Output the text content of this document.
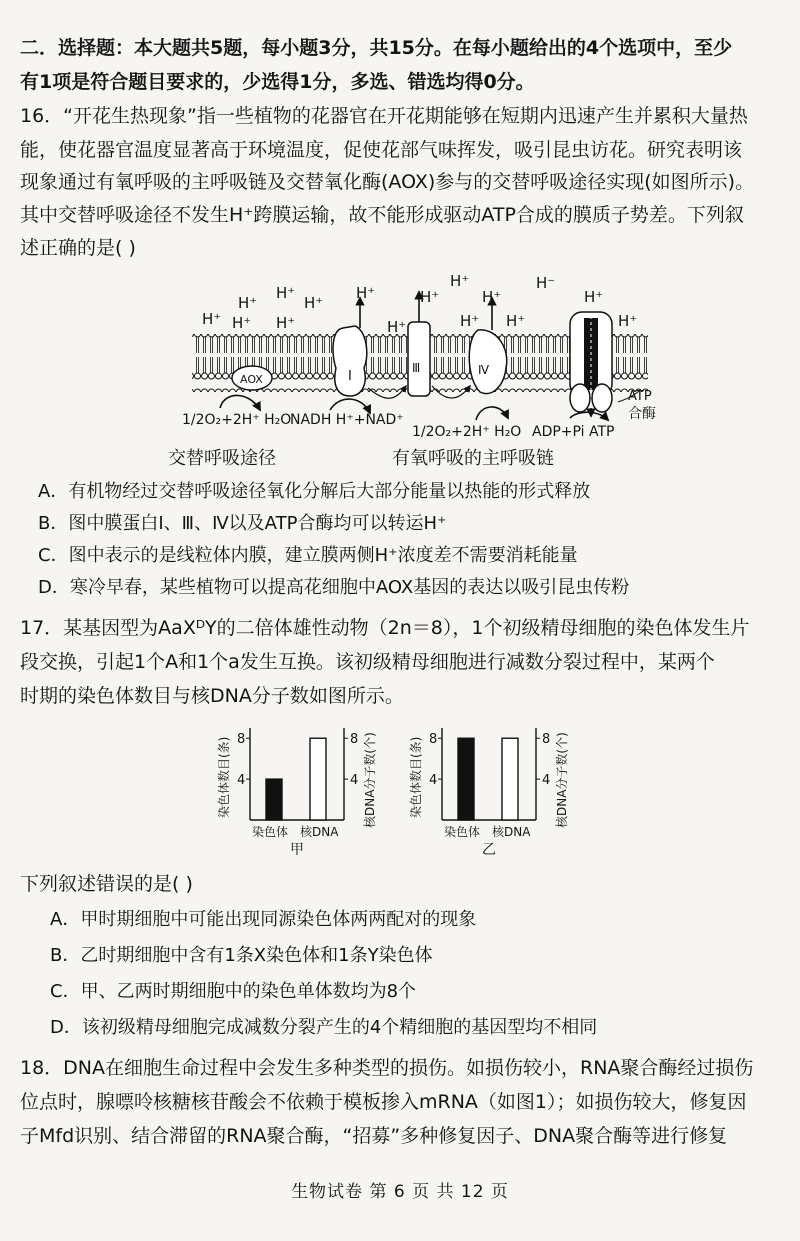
二．选择题：本大题共5题，每小题3分，共15分。在每小题给出的4个选项中，至少
有1项是符合题目要求的，少选得1分，多选、错选均得0分。
16．“开花生热现象”指一些植物的花器官在开花期能够在短期内迅速产生并累积大量热
能，使花器官温度显著高于环境温度，促使花部气味挥发，吸引昆虫访花。研究表明该
现象通过有氧呼吸的主呼吸链及交替氧化酶(AOX)参与的交替呼吸途径实现(如图所示)。
其中交替呼吸途径不发生H⁺跨膜运输，故不能形成驱动ATP合成的膜质子势差。下列叙
述正确的是( )
H⁺ H⁺
H⁺
H⁺
H⁺
H⁺
H⁺
H⁺
H⁺
H⁺
H⁺
H⁺ H⁺
H⁻
H⁺
H⁺
AOX	I
Ⅲ	Ⅳ
ATP
合酶
1/2O₂+2H⁺ H₂O
NADH H⁺+NAD⁺
1/2O₂+2H⁺ H₂O ADP+Pi ATP
交替呼吸途径	有氧呼吸的主呼吸链
A．有机物经过交替呼吸途径氧化分解后大部分能量以热能的形式释放
B．图中膜蛋白Ⅰ、Ⅲ、Ⅳ以及ATP合酶均可以转运H⁺
C．图中表示的是线粒体内膜，建立膜两侧H⁺浓度差不需要消耗能量
D．寒冷早春，某些植物可以提高花细胞中AOX基因的表达以吸引昆虫传粉
17．某基因型为AaXᴰY的二倍体雄性动物（2n＝8），1个初级精母细胞的染色体发生片
段交换，引起1个A和1个a发生互换。该初级精母细胞进行减数分裂过程中，某两个
时期的染色体数目与核DNA分子数如图所示。
4	4
8	8
染色体数目(条)	核DNA分子数(个)
染色体 核DNA
甲
4	4
8	8
染色体数目(条)	核DNA分子数(个)
染色体 核DNA
乙
下列叙述错误的是( )
A．甲时期细胞中可能出现同源染色体两两配对的现象
B．乙时期细胞中含有1条X染色体和1条Y染色体
C．甲、乙两时期细胞中的染色单体数均为8个
D．该初级精母细胞完成减数分裂产生的4个精细胞的基因型均不相同
18．DNA在细胞生命过程中会发生多种类型的损伤。如损伤较小，RNA聚合酶经过损伤
位点时，腺嘌呤核糖核苷酸会不依赖于模板掺入mRNA（如图1）；如损伤较大，修复因
子Mfd识别、结合滞留的RNA聚合酶，“招募”多种修复因子、DNA聚合酶等进行修复
生物试卷 第 6 页 共 12 页
